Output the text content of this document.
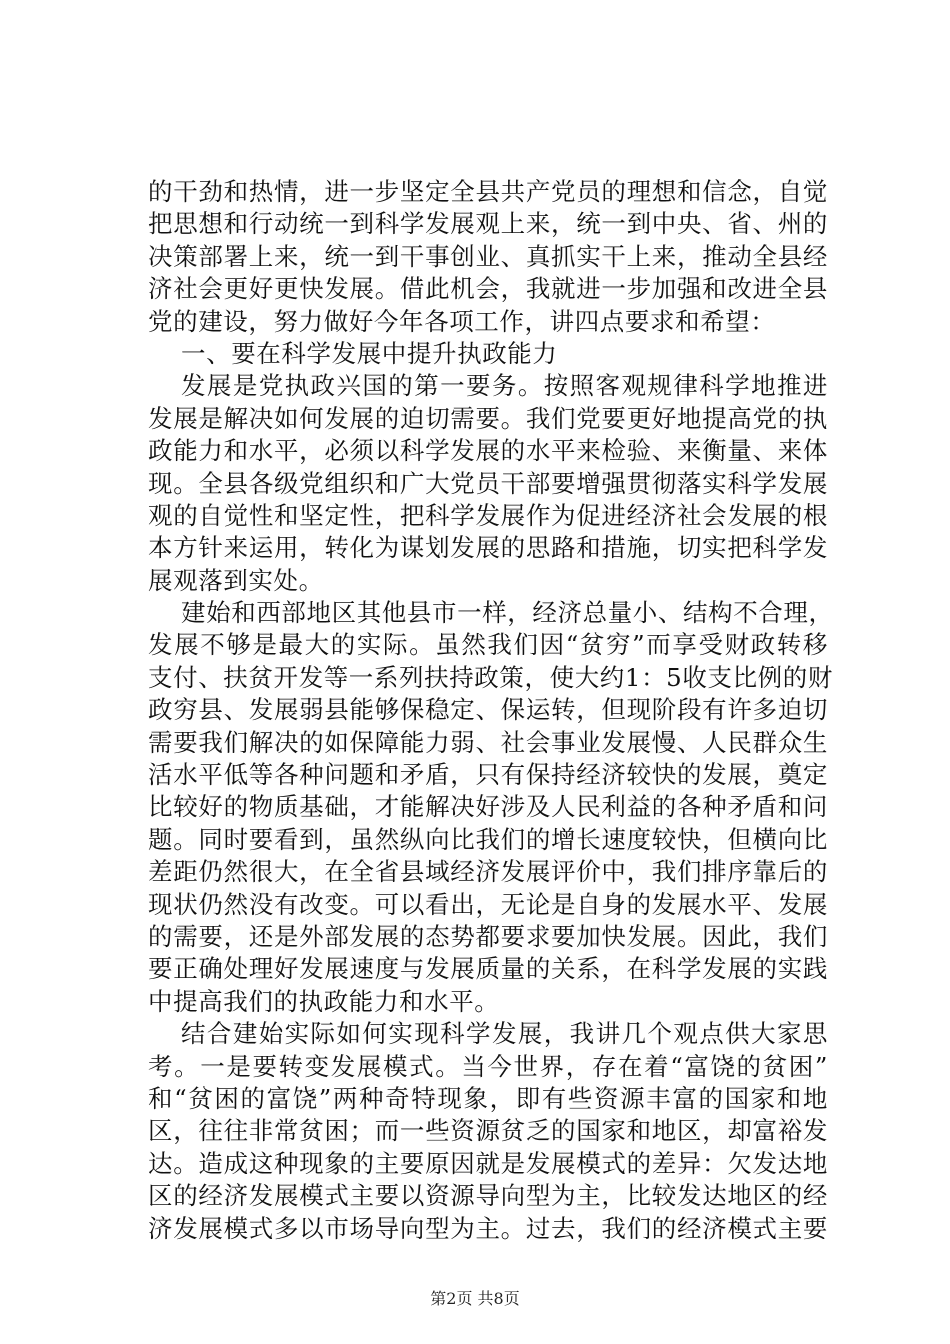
的干劲和热情，进一步坚定全县共产党员的理想和信念，自觉
把思想和行动统一到科学发展观上来，统一到中央、省、州的
决策部署上来，统一到干事创业、真抓实干上来，推动全县经
济社会更好更快发展。借此机会，我就进一步加强和改进全县
党的建设，努力做好今年各项工作，讲四点要求和希望：
一、要在科学发展中提升执政能力
发展是党执政兴国的第一要务。按照客观规律科学地推进
发展是解决如何发展的迫切需要。我们党要更好地提高党的执
政能力和水平，必须以科学发展的水平来检验、来衡量、来体
现。全县各级党组织和广大党员干部要增强贯彻落实科学发展
观的自觉性和坚定性，把科学发展作为促进经济社会发展的根
本方针来运用，转化为谋划发展的思路和措施，切实把科学发
展观落到实处。
建始和西部地区其他县市一样，经济总量小、结构不合理，
发展不够是最大的实际。虽然我们因“贫穷”而享受财政转移
支付、扶贫开发等一系列扶持政策，使大约1：5收支比例的财
政穷县、发展弱县能够保稳定、保运转，但现阶段有许多迫切
需要我们解决的如保障能力弱、社会事业发展慢、人民群众生
活水平低等各种问题和矛盾，只有保持经济较快的发展，奠定
比较好的物质基础，才能解决好涉及人民利益的各种矛盾和问
题。同时要看到，虽然纵向比我们的增长速度较快，但横向比
差距仍然很大，在全省县域经济发展评价中，我们排序靠后的
现状仍然没有改变。可以看出，无论是自身的发展水平、发展
的需要，还是外部发展的态势都要求要加快发展。因此，我们
要正确处理好发展速度与发展质量的关系，在科学发展的实践
中提高我们的执政能力和水平。
结合建始实际如何实现科学发展，我讲几个观点供大家思
考。一是要转变发展模式。当今世界，存在着“富饶的贫困”
和“贫困的富饶”两种奇特现象，即有些资源丰富的国家和地
区，往往非常贫困；而一些资源贫乏的国家和地区，却富裕发
达。造成这种现象的主要原因就是发展模式的差异：欠发达地
区的经济发展模式主要以资源导向型为主，比较发达地区的经
济发展模式多以市场导向型为主。过去，我们的经济模式主要
第2页 共8页
